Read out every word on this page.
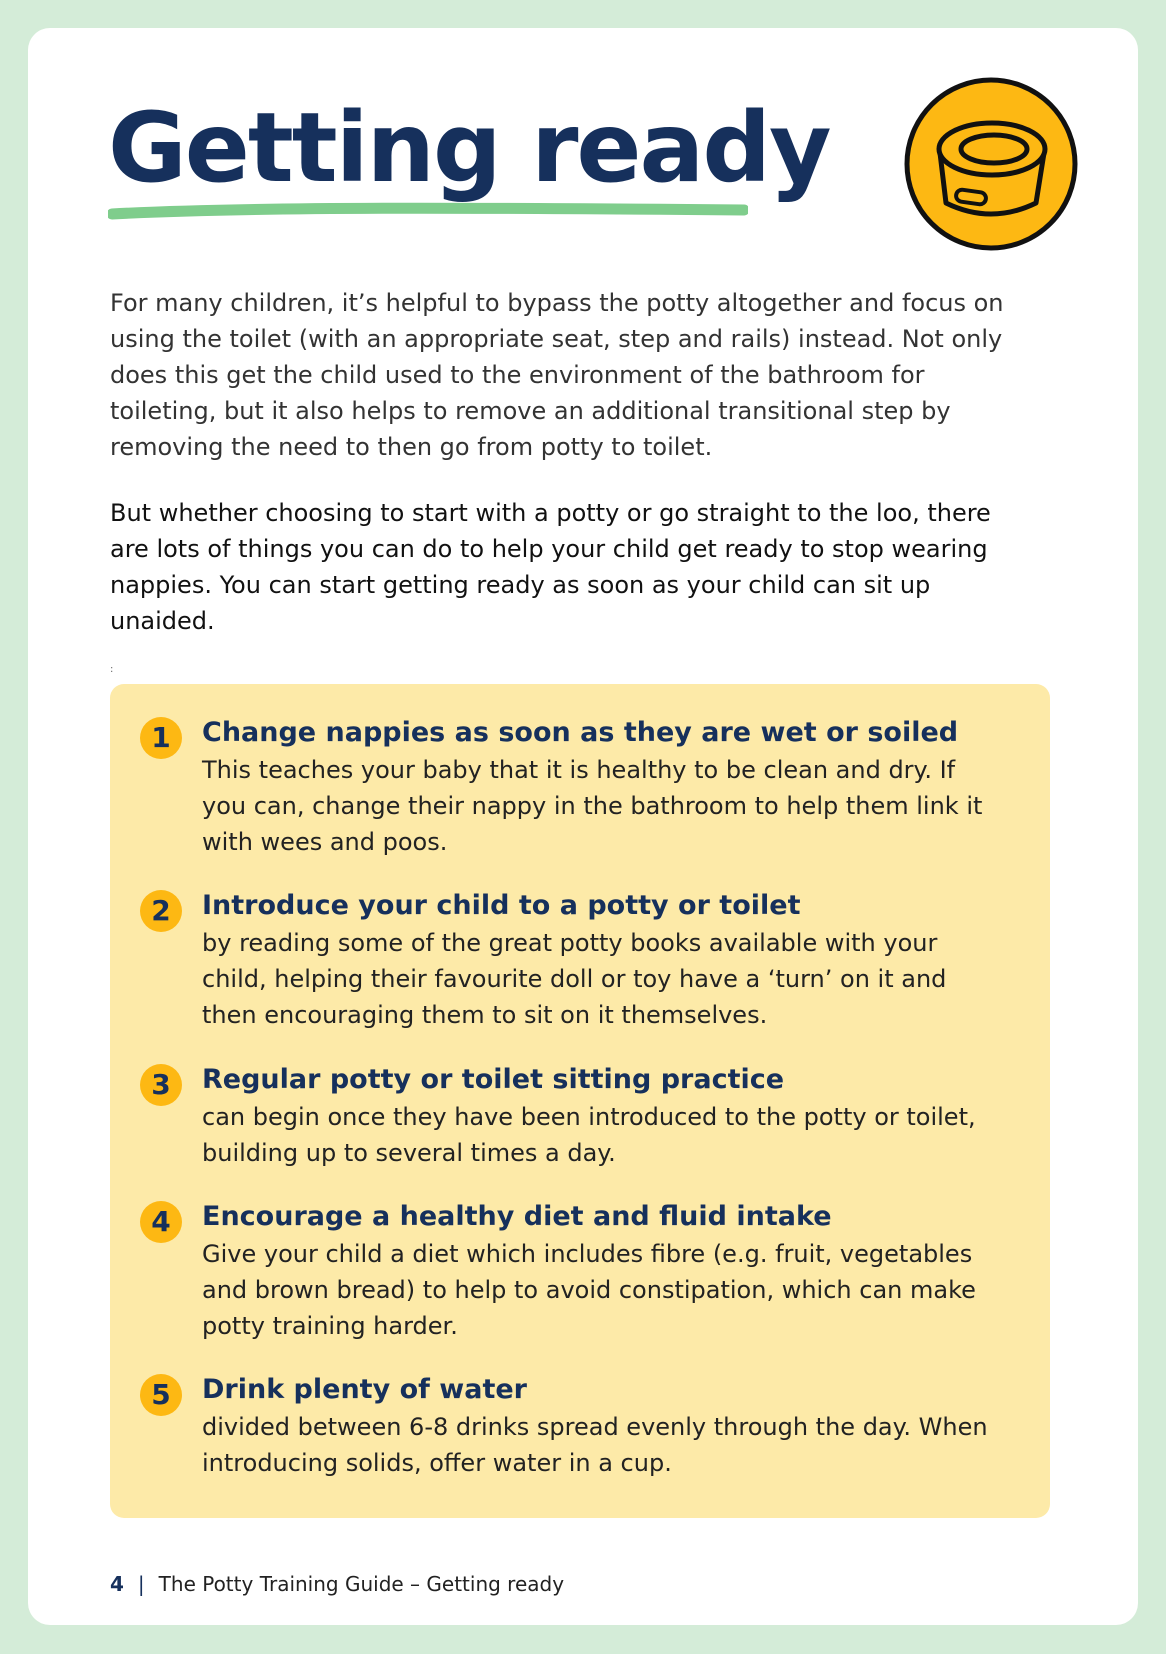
Getting ready

For many children, it’s helpful to bypass the potty altogether and focus on using the toilet (with an appropriate seat, step and rails) instead. Not only does this get the child used to the environment of the bathroom for toileting, but it also helps to remove an additional transitional step by removing the need to then go from potty to toilet.

But whether choosing to start with a potty or go straight to the loo, there are lots of things you can do to help your child get ready to stop wearing nappies. You can start getting ready as soon as your child can sit up unaided.

:
1	Change nappies as soon as they are wet or soiled

This teaches your baby that it is healthy to be clean and dry. If you can, change their nappy in the bathroom to help them link it with wees and poos.

2	Introduce your child to a potty or toilet

by reading some of the great potty books available with your child, helping their favourite doll or toy have a ‘turn’ on it and then encouraging them to sit on it themselves.

3	Regular potty or toilet sitting practice

can begin once they have been introduced to the potty or toilet, building up to several times a day.

4	Encourage a healthy diet and fluid intake

Give your child a diet which includes fibre (e.g. fruit, vegetables and brown bread) to help to avoid constipation, which can make potty training harder.

5	Drink plenty of water

divided between 6-8 drinks spread evenly through the day. When introducing solids, offer water in a cup.

4 | The Potty Training Guide – Getting ready
